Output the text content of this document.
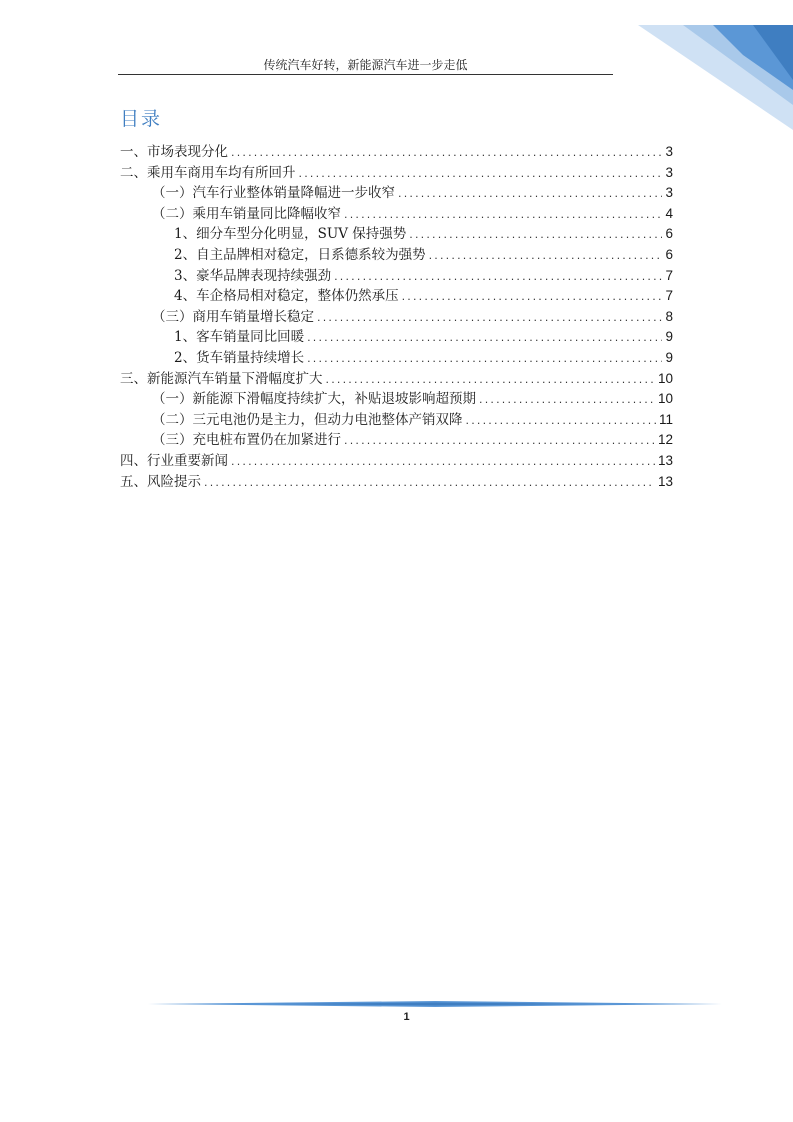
传统汽车好转，新能源汽车进一步走低
目录
一、市场表现分化 .....	3
二、乘用车商用车均有所回升 .....	3
（一）汽车行业整体销量降幅进一步收窄 .....	3
（二）乘用车销量同比降幅收窄 .....	4
1、细分车型分化明显，SUV 保持强势 .....	6
2、自主品牌相对稳定，日系德系较为强势 .....	6
3、豪华品牌表现持续强劲 .....	7
4、车企格局相对稳定，整体仍然承压 .....	7
（三）商用车销量增长稳定 .....	8
1、客车销量同比回暖 .....	9
2、货车销量持续增长 .....	9
三、新能源汽车销量下滑幅度扩大 .....	10
（一）新能源下滑幅度持续扩大，补贴退坡影响超预期 .....	10
（二）三元电池仍是主力，但动力电池整体产销双降 .....	11
（三）充电桩布置仍在加紧进行 .....	12
四、行业重要新闻 .....	13
五、风险提示 .....	13
1
